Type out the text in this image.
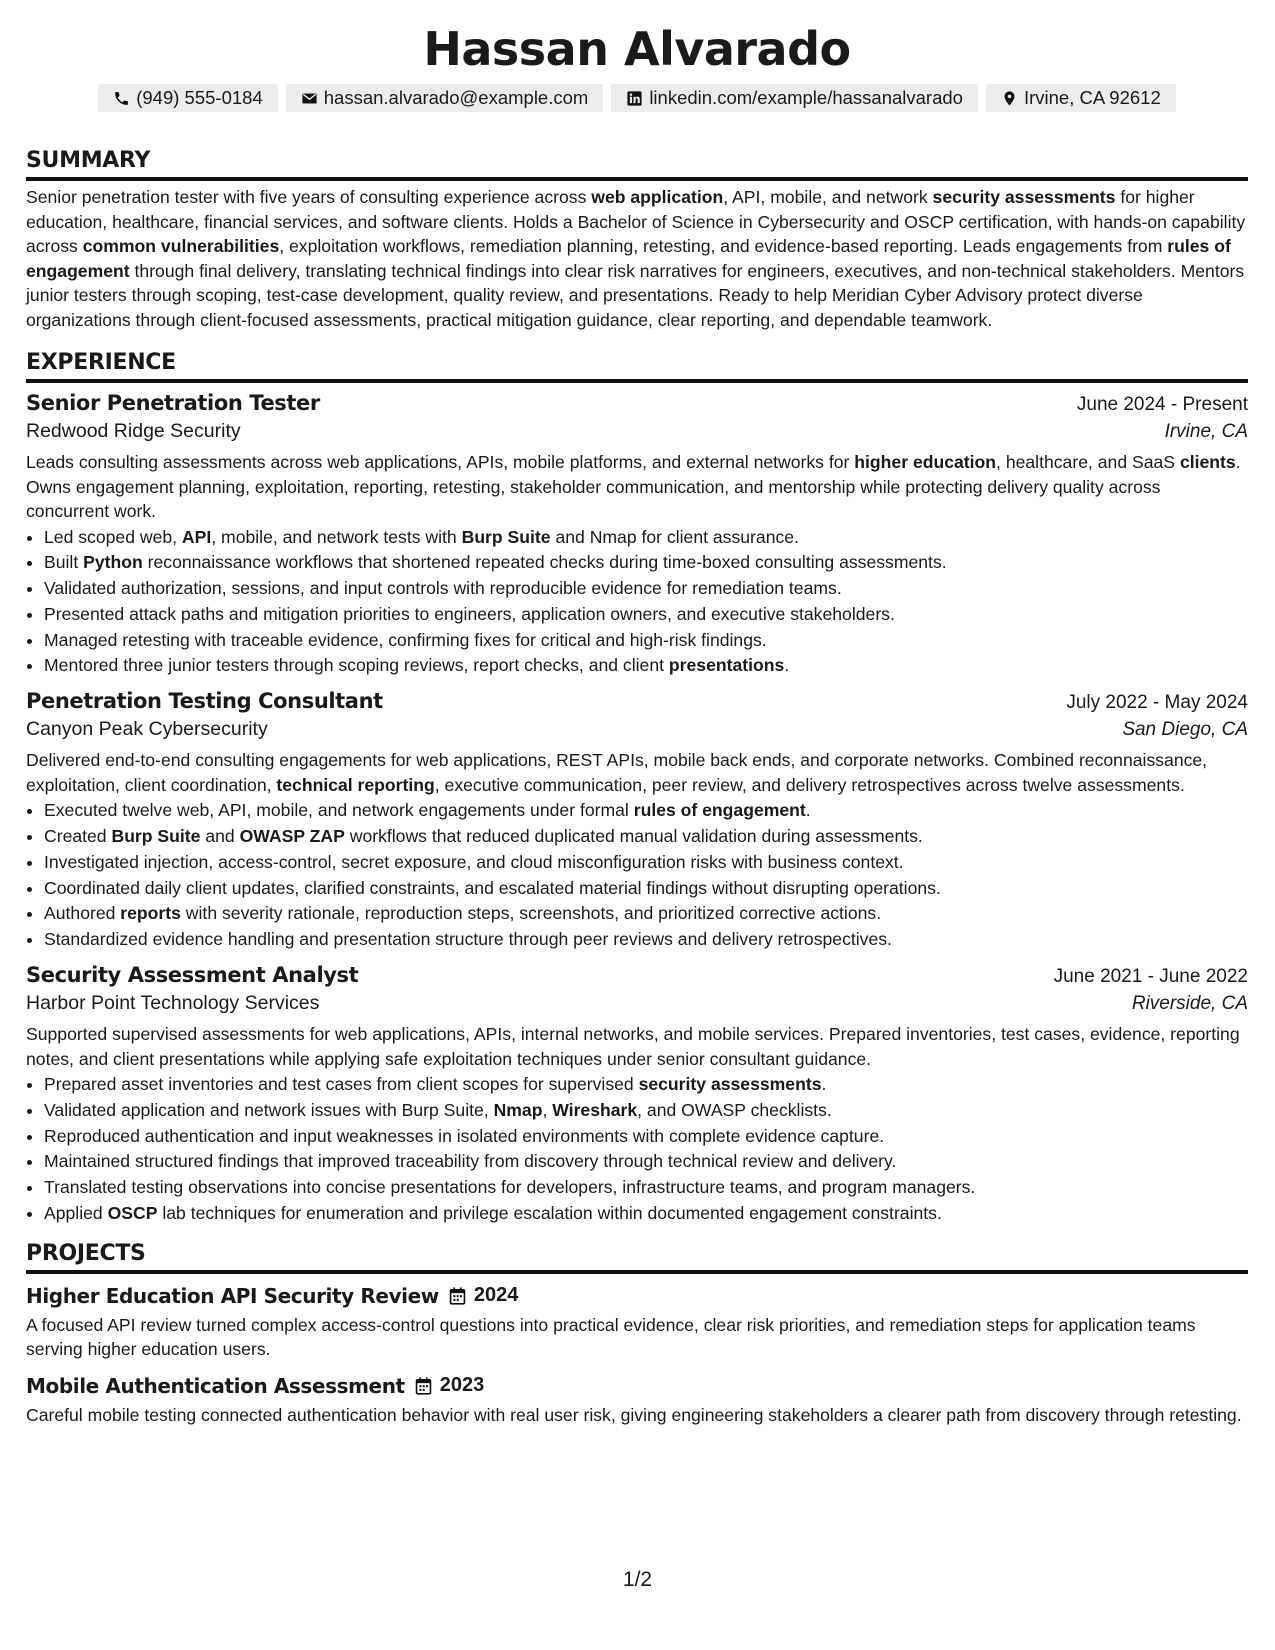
Hassan Alvarado
(949) 555-0184	hassan.alvarado@example.com	linkedin.com/example/hassanalvarado	Irvine, CA 92612
SUMMARY

Senior penetration tester with five years of consulting experience across web application, API, mobile, and network security assessments for higher education, healthcare, financial services, and software clients. Holds a Bachelor of Science in Cybersecurity and OSCP certification, with hands-on capability across common vulnerabilities, exploitation workflows, remediation planning, retesting, and evidence-based reporting. Leads engagements from rules of engagement through final delivery, translating technical findings into clear risk narratives for engineers, executives, and non-technical stakeholders. Mentors junior testers through scoping, test-case development, quality review, and presentations. Ready to help Meridian Cyber Advisory protect diverse organizations through client-focused assessments, practical mitigation guidance, clear reporting, and dependable teamwork.

EXPERIENCE
Senior Penetration Tester	June 2024 - Present
Redwood Ridge Security	Irvine, CA

Leads consulting assessments across web applications, APIs, mobile platforms, and external networks for higher education, healthcare, and SaaS clients. Owns engagement planning, exploitation, reporting, retesting, stakeholder communication, and mentorship while protecting delivery quality across concurrent work.

• Led scoped web, API, mobile, and network tests with Burp Suite and Nmap for client assurance.
• Built Python reconnaissance workflows that shortened repeated checks during time-boxed consulting assessments.
• Validated authorization, sessions, and input controls with reproducible evidence for remediation teams.
• Presented attack paths and mitigation priorities to engineers, application owners, and executive stakeholders.
• Managed retesting with traceable evidence, confirming fixes for critical and high-risk findings.
• Mentored three junior testers through scoping reviews, report checks, and client presentations.
Penetration Testing Consultant	July 2022 - May 2024
Canyon Peak Cybersecurity	San Diego, CA

Delivered end-to-end consulting engagements for web applications, REST APIs, mobile back ends, and corporate networks. Combined reconnaissance, exploitation, client coordination, technical reporting, executive communication, peer review, and delivery retrospectives across twelve assessments.

• Executed twelve web, API, mobile, and network engagements under formal rules of engagement.
• Created Burp Suite and OWASP ZAP workflows that reduced duplicated manual validation during assessments.
• Investigated injection, access-control, secret exposure, and cloud misconfiguration risks with business context.
• Coordinated daily client updates, clarified constraints, and escalated material findings without disrupting operations.
• Authored reports with severity rationale, reproduction steps, screenshots, and prioritized corrective actions.
• Standardized evidence handling and presentation structure through peer reviews and delivery retrospectives.
Security Assessment Analyst	June 2021 - June 2022
Harbor Point Technology Services	Riverside, CA

Supported supervised assessments for web applications, APIs, internal networks, and mobile services. Prepared inventories, test cases, evidence, reporting notes, and client presentations while applying safe exploitation techniques under senior consultant guidance.

• Prepared asset inventories and test cases from client scopes for supervised security assessments.
• Validated application and network issues with Burp Suite, Nmap, Wireshark, and OWASP checklists.
• Reproduced authentication and input weaknesses in isolated environments with complete evidence capture.
• Maintained structured findings that improved traceability from discovery through technical review and delivery.
• Translated testing observations into concise presentations for developers, infrastructure teams, and program managers.
• Applied OSCP lab techniques for enumeration and privilege escalation within documented engagement constraints.
PROJECTS
Higher Education API Security Review 2024

A focused API review turned complex access-control questions into practical evidence, clear risk priorities, and remediation steps for application teams serving higher education users.

Mobile Authentication Assessment 2023

Careful mobile testing connected authentication behavior with real user risk, giving engineering stakeholders a clearer path from discovery through retesting.

1/2
